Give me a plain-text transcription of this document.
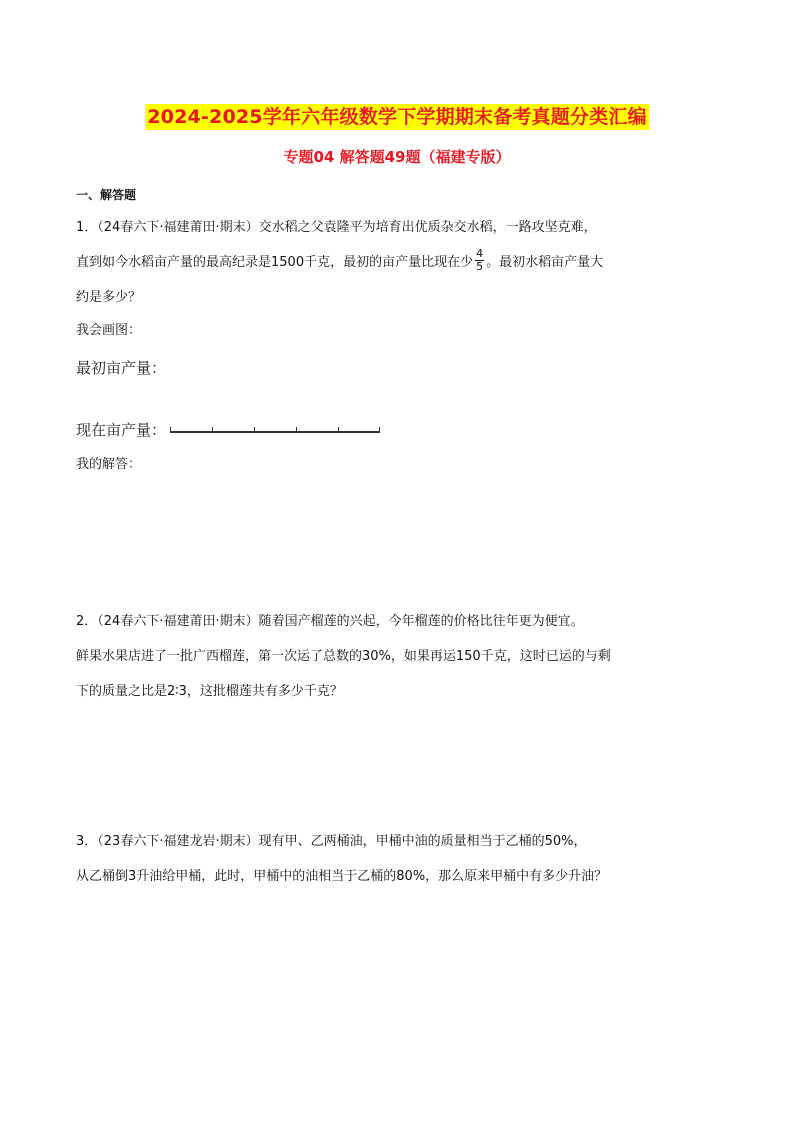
2024-2025学年六年级数学下学期期末备考真题分类汇编
专题04 解答题49题（福建专版）
一、解答题
1．（24春六下·福建莆田·期末）交水稻之父袁隆平为培育出优质杂交水稻，一路攻坚克难，
直到如今水稻亩产量的最高纪录是1500千克，最初的亩产量比现在少 $\frac{4}{5}$ 。最初水稻亩产量大
约是多少？
我会画图：
最初亩产量：
现在亩产量：
我的解答：
2．（24春六下·福建莆田·期末）随着国产榴莲的兴起，今年榴莲的价格比往年更为便宜。
鲜果水果店进了一批广西榴莲，第一次运了总数的30%，如果再运150千克，这时已运的与剩
下的质量之比是2∶3，这批榴莲共有多少千克？
3．（23春六下·福建龙岩·期末）现有甲、乙两桶油，甲桶中油的质量相当于乙桶的50%，
从乙桶倒3升油给甲桶，此时，甲桶中的油相当于乙桶的80%，那么原来甲桶中有多少升油？
